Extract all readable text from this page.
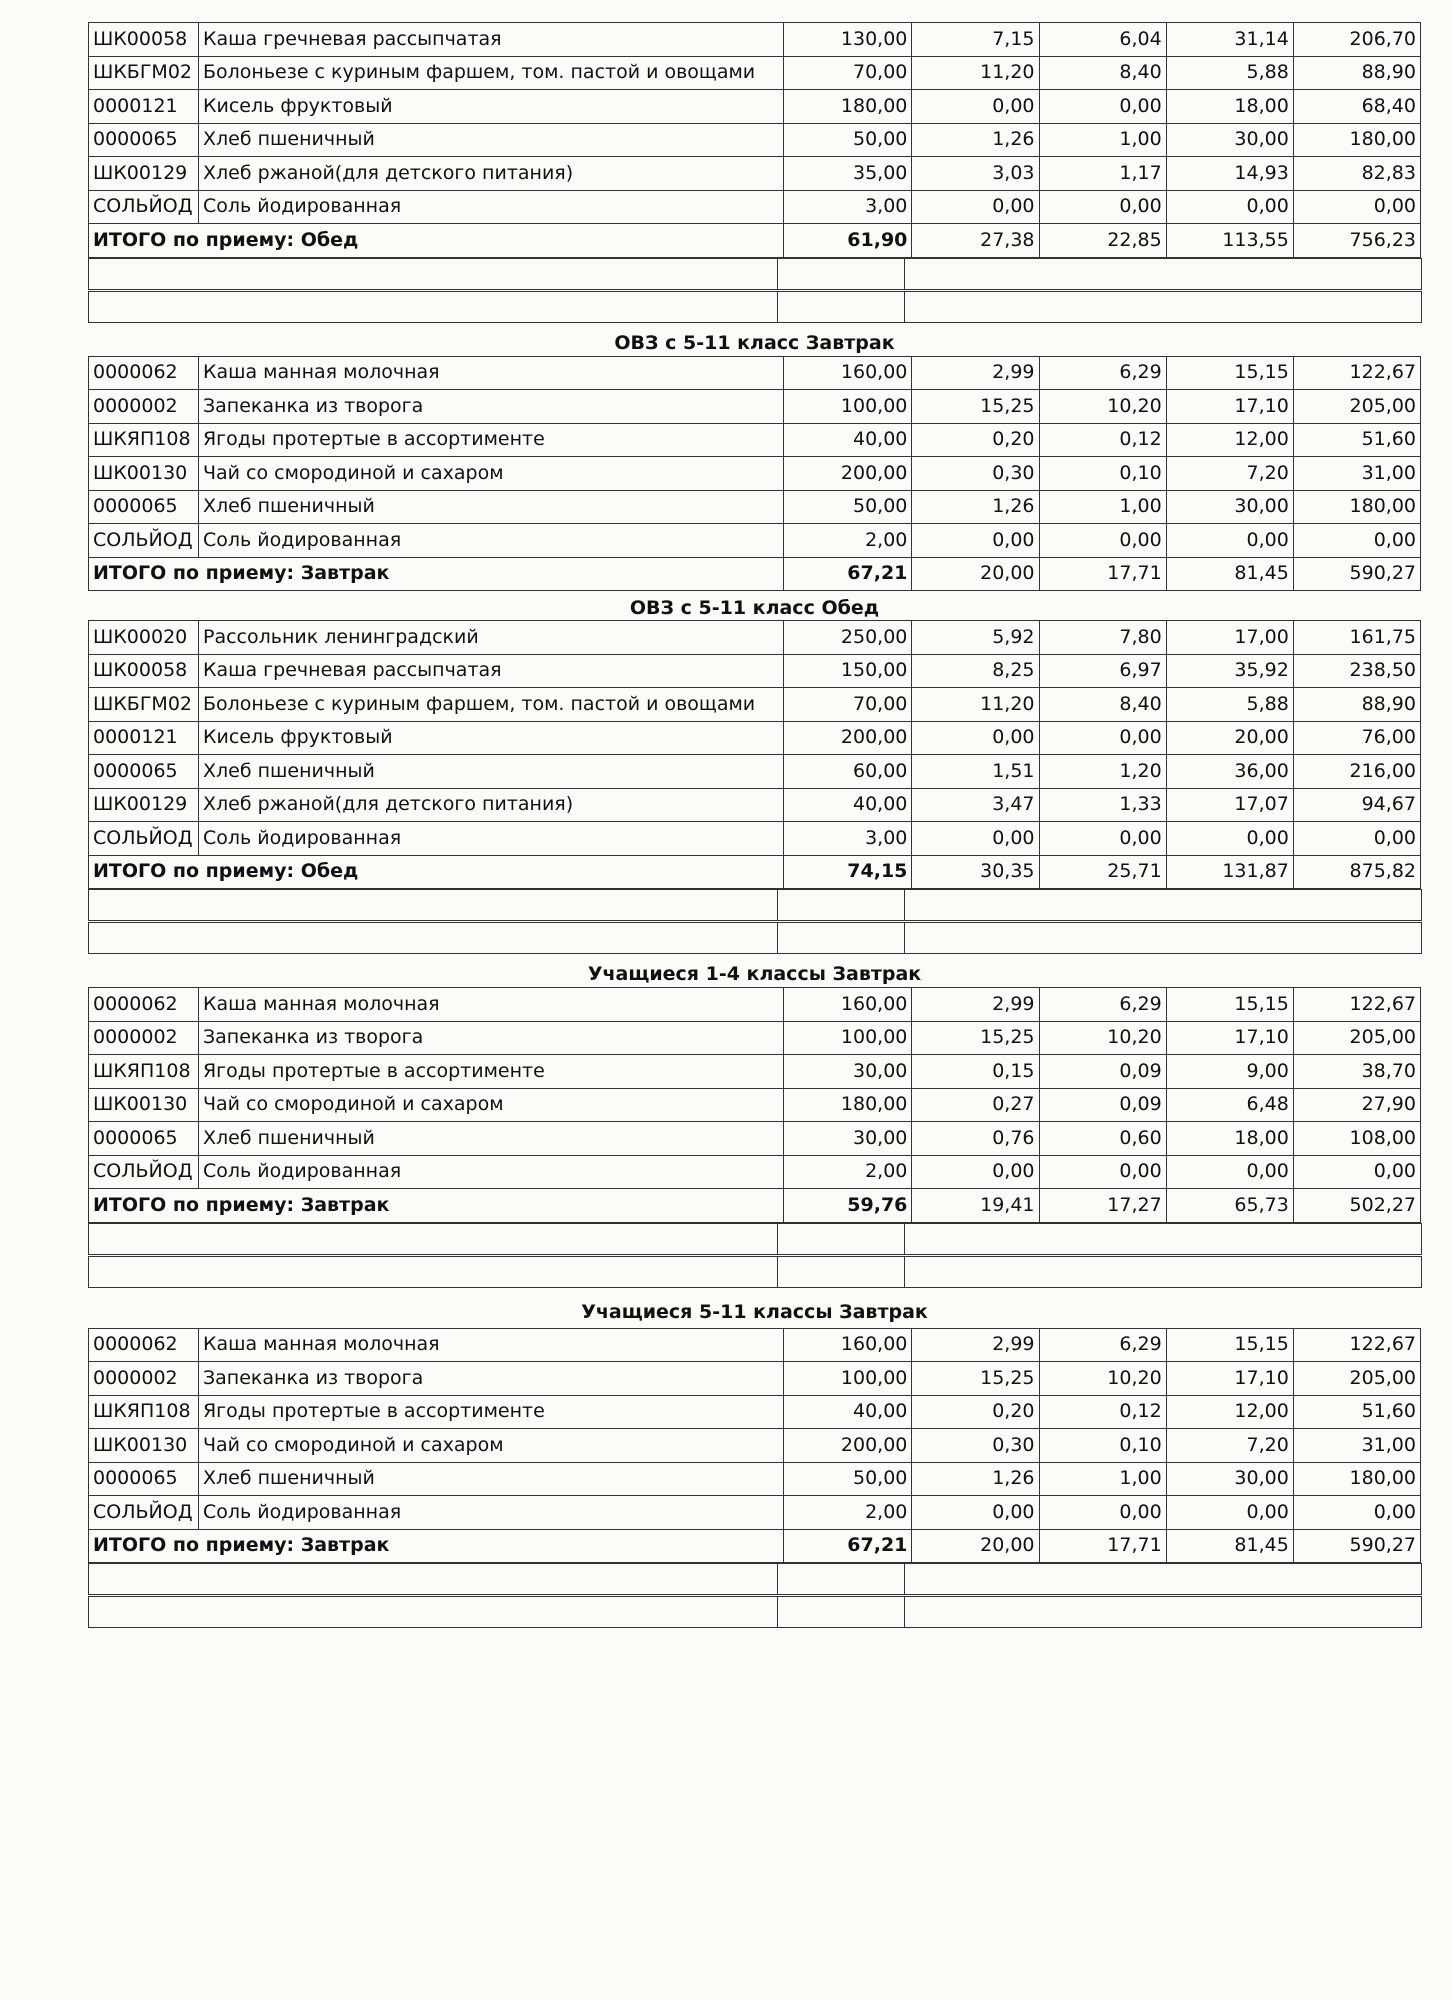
ШК00058	Каша гречневая рассыпчатая	130,00	7,15	6,04	31,14	206,70
ШКБГМ02	Болоньезе с куриным фаршем, том. пастой и овощами	70,00	11,20	8,40	5,88	88,90
0000121	Кисель фруктовый	180,00	0,00	0,00	18,00	68,40
0000065	Хлеб пшеничный	50,00	1,26	1,00	30,00	180,00
ШК00129	Хлеб ржаной(для детского питания)	35,00	3,03	1,17	14,93	82,83
СОЛЬЙОД	Соль йодированная	3,00	0,00	0,00	0,00	0,00
ИТОГО по приему: Обед		61,90	27,38	22,85	113,55	756,23

ОВЗ с 5-11 класс Завтрак
0000062	Каша манная молочная	160,00	2,99	6,29	15,15	122,67
0000002	Запеканка из творога	100,00	15,25	10,20	17,10	205,00
ШКЯП108	Ягоды протертые в ассортименте	40,00	0,20	0,12	12,00	51,60
ШК00130	Чай со смородиной и сахаром	200,00	0,30	0,10	7,20	31,00
0000065	Хлеб пшеничный	50,00	1,26	1,00	30,00	180,00
СОЛЬЙОД	Соль йодированная	2,00	0,00	0,00	0,00	0,00
ИТОГО по приему: Завтрак		67,21	20,00	17,71	81,45	590,27
ОВЗ с 5-11 класс Обед
ШК00020	Рассольник ленинградский	250,00	5,92	7,80	17,00	161,75
ШК00058	Каша гречневая рассыпчатая	150,00	8,25	6,97	35,92	238,50
ШКБГМ02	Болоньезе с куриным фаршем, том. пастой и овощами	70,00	11,20	8,40	5,88	88,90
0000121	Кисель фруктовый	200,00	0,00	0,00	20,00	76,00
0000065	Хлеб пшеничный	60,00	1,51	1,20	36,00	216,00
ШК00129	Хлеб ржаной(для детского питания)	40,00	3,47	1,33	17,07	94,67
СОЛЬЙОД	Соль йодированная	3,00	0,00	0,00	0,00	0,00
ИТОГО по приему: Обед		74,15	30,35	25,71	131,87	875,82

Учащиеся 1-4 классы Завтрак
0000062	Каша манная молочная	160,00	2,99	6,29	15,15	122,67
0000002	Запеканка из творога	100,00	15,25	10,20	17,10	205,00
ШКЯП108	Ягоды протертые в ассортименте	30,00	0,15	0,09	9,00	38,70
ШК00130	Чай со смородиной и сахаром	180,00	0,27	0,09	6,48	27,90
0000065	Хлеб пшеничный	30,00	0,76	0,60	18,00	108,00
СОЛЬЙОД	Соль йодированная	2,00	0,00	0,00	0,00	0,00
ИТОГО по приему: Завтрак		59,76	19,41	17,27	65,73	502,27

Учащиеся 5-11 классы Завтрак
0000062	Каша манная молочная	160,00	2,99	6,29	15,15	122,67
0000002	Запеканка из творога	100,00	15,25	10,20	17,10	205,00
ШКЯП108	Ягоды протертые в ассортименте	40,00	0,20	0,12	12,00	51,60
ШК00130	Чай со смородиной и сахаром	200,00	0,30	0,10	7,20	31,00
0000065	Хлеб пшеничный	50,00	1,26	1,00	30,00	180,00
СОЛЬЙОД	Соль йодированная	2,00	0,00	0,00	0,00	0,00
ИТОГО по приему: Завтрак		67,21	20,00	17,71	81,45	590,27
